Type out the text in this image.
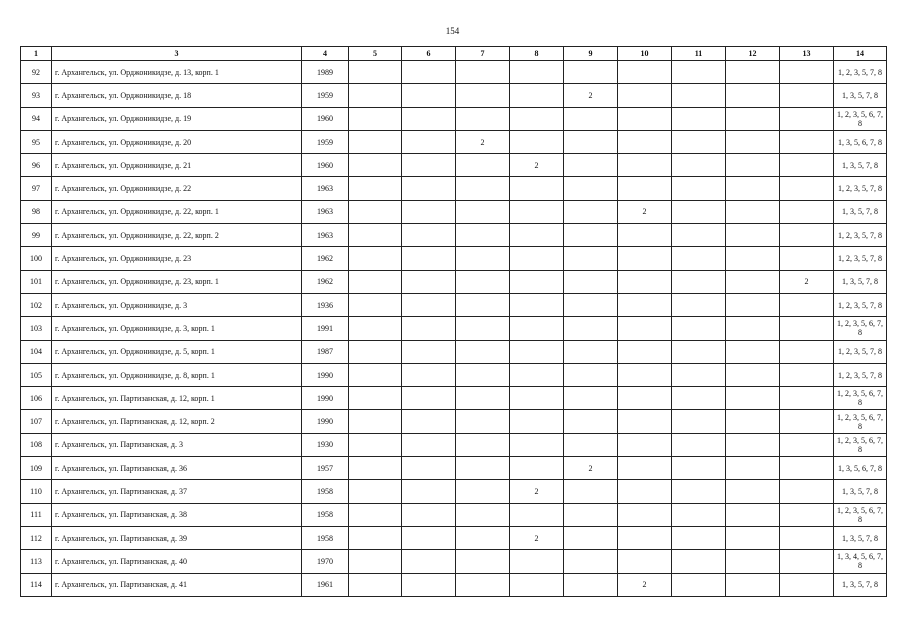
154
1	3	4	5	6	7	8	9	10	11	12	13	14
92	г. Архангельск, ул. Орджоникидзе, д. 13, корп. 1	1989										1, 2, 3, 5, 7, 8
93	г. Архангельск, ул. Орджоникидзе, д. 18	1959					2					1, 3, 5, 7, 8
94	г. Архангельск, ул. Орджоникидзе, д. 19	1960										1, 2, 3, 5, 6, 7, 8
95	г. Архангельск, ул. Орджоникидзе, д. 20	1959			2							1, 3, 5, 6, 7, 8
96	г. Архангельск, ул. Орджоникидзе, д. 21	1960				2						1, 3, 5, 7, 8
97	г. Архангельск, ул. Орджоникидзе, д. 22	1963										1, 2, 3, 5, 7, 8
98	г. Архангельск, ул. Орджоникидзе, д. 22, корп. 1	1963						2				1, 3, 5, 7, 8
99	г. Архангельск, ул. Орджоникидзе, д. 22, корп. 2	1963										1, 2, 3, 5, 7, 8
100	г. Архангельск, ул. Орджоникидзе, д. 23	1962										1, 2, 3, 5, 7, 8
101	г. Архангельск, ул. Орджоникидзе, д. 23, корп. 1	1962									2	1, 3, 5, 7, 8
102	г. Архангельск, ул. Орджоникидзе, д. 3	1936										1, 2, 3, 5, 7, 8
103	г. Архангельск, ул. Орджоникидзе, д. 3, корп. 1	1991										1, 2, 3, 5, 6, 7, 8
104	г. Архангельск, ул. Орджоникидзе, д. 5, корп. 1	1987										1, 2, 3, 5, 7, 8
105	г. Архангельск, ул. Орджоникидзе, д. 8, корп. 1	1990										1, 2, 3, 5, 7, 8
106	г. Архангельск, ул. Партизанская, д. 12, корп. 1	1990										1, 2, 3, 5, 6, 7, 8
107	г. Архангельск, ул. Партизанская, д. 12, корп. 2	1990										1, 2, 3, 5, 6, 7, 8
108	г. Архангельск, ул. Партизанская, д. 3	1930										1, 2, 3, 5, 6, 7, 8
109	г. Архангельск, ул. Партизанская, д. 36	1957					2					1, 3, 5, 6, 7, 8
110	г. Архангельск, ул. Партизанская, д. 37	1958				2						1, 3, 5, 7, 8
111	г. Архангельск, ул. Партизанская, д. 38	1958										1, 2, 3, 5, 6, 7, 8
112	г. Архангельск, ул. Партизанская, д. 39	1958				2						1, 3, 5, 7, 8
113	г. Архангельск, ул. Партизанская, д. 40	1970										1, 3, 4, 5, 6, 7, 8
114	г. Архангельск, ул. Партизанская, д. 41	1961						2				1, 3, 5, 7, 8
